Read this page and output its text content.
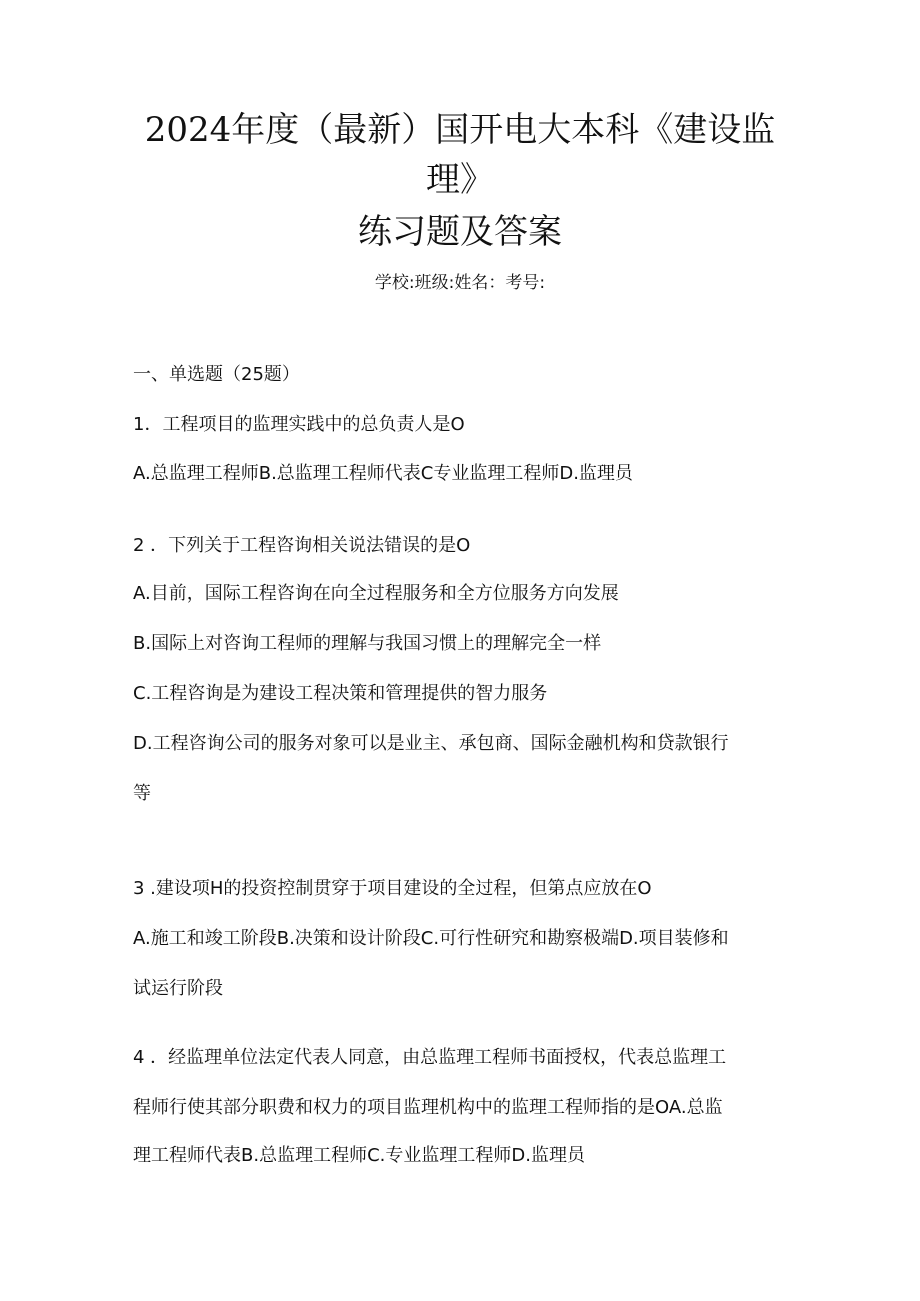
2024年度（最新）国开电大本科《建设监
理》
练习题及答案
学校:班级:姓名：考号:
一、单选题（25题）
1．工程项目的监理实践中的总负责人是O
A.总监理工程师B.总监理工程师代表C专业监理工程师D.监理员
2 ．下列关于工程咨询相关说法错误的是O
A.目前，国际工程咨询在向全过程服务和全方位服务方向发展
B.国际上对咨询工程师的理解与我国习惯上的理解完全一样
C.工程咨询是为建设工程决策和管理提供的智力服务
D.工程咨询公司的服务对象可以是业主、承包商、国际金融机构和贷款银行
等
3 .建设项H的投资控制贯穿于项目建设的全过程，但第点应放在O
A.施工和竣工阶段B.决策和设计阶段C.可行性研究和勘察极端D.项目装修和
试运行阶段
4 ．经监理单位法定代表人同意，由总监理工程师书面授权，代表总监理工
程师行使其部分职费和权力的项目监理机构中的监理工程师指的是OA.总监
理工程师代表B.总监理工程师C.专业监理工程师D.监理员
